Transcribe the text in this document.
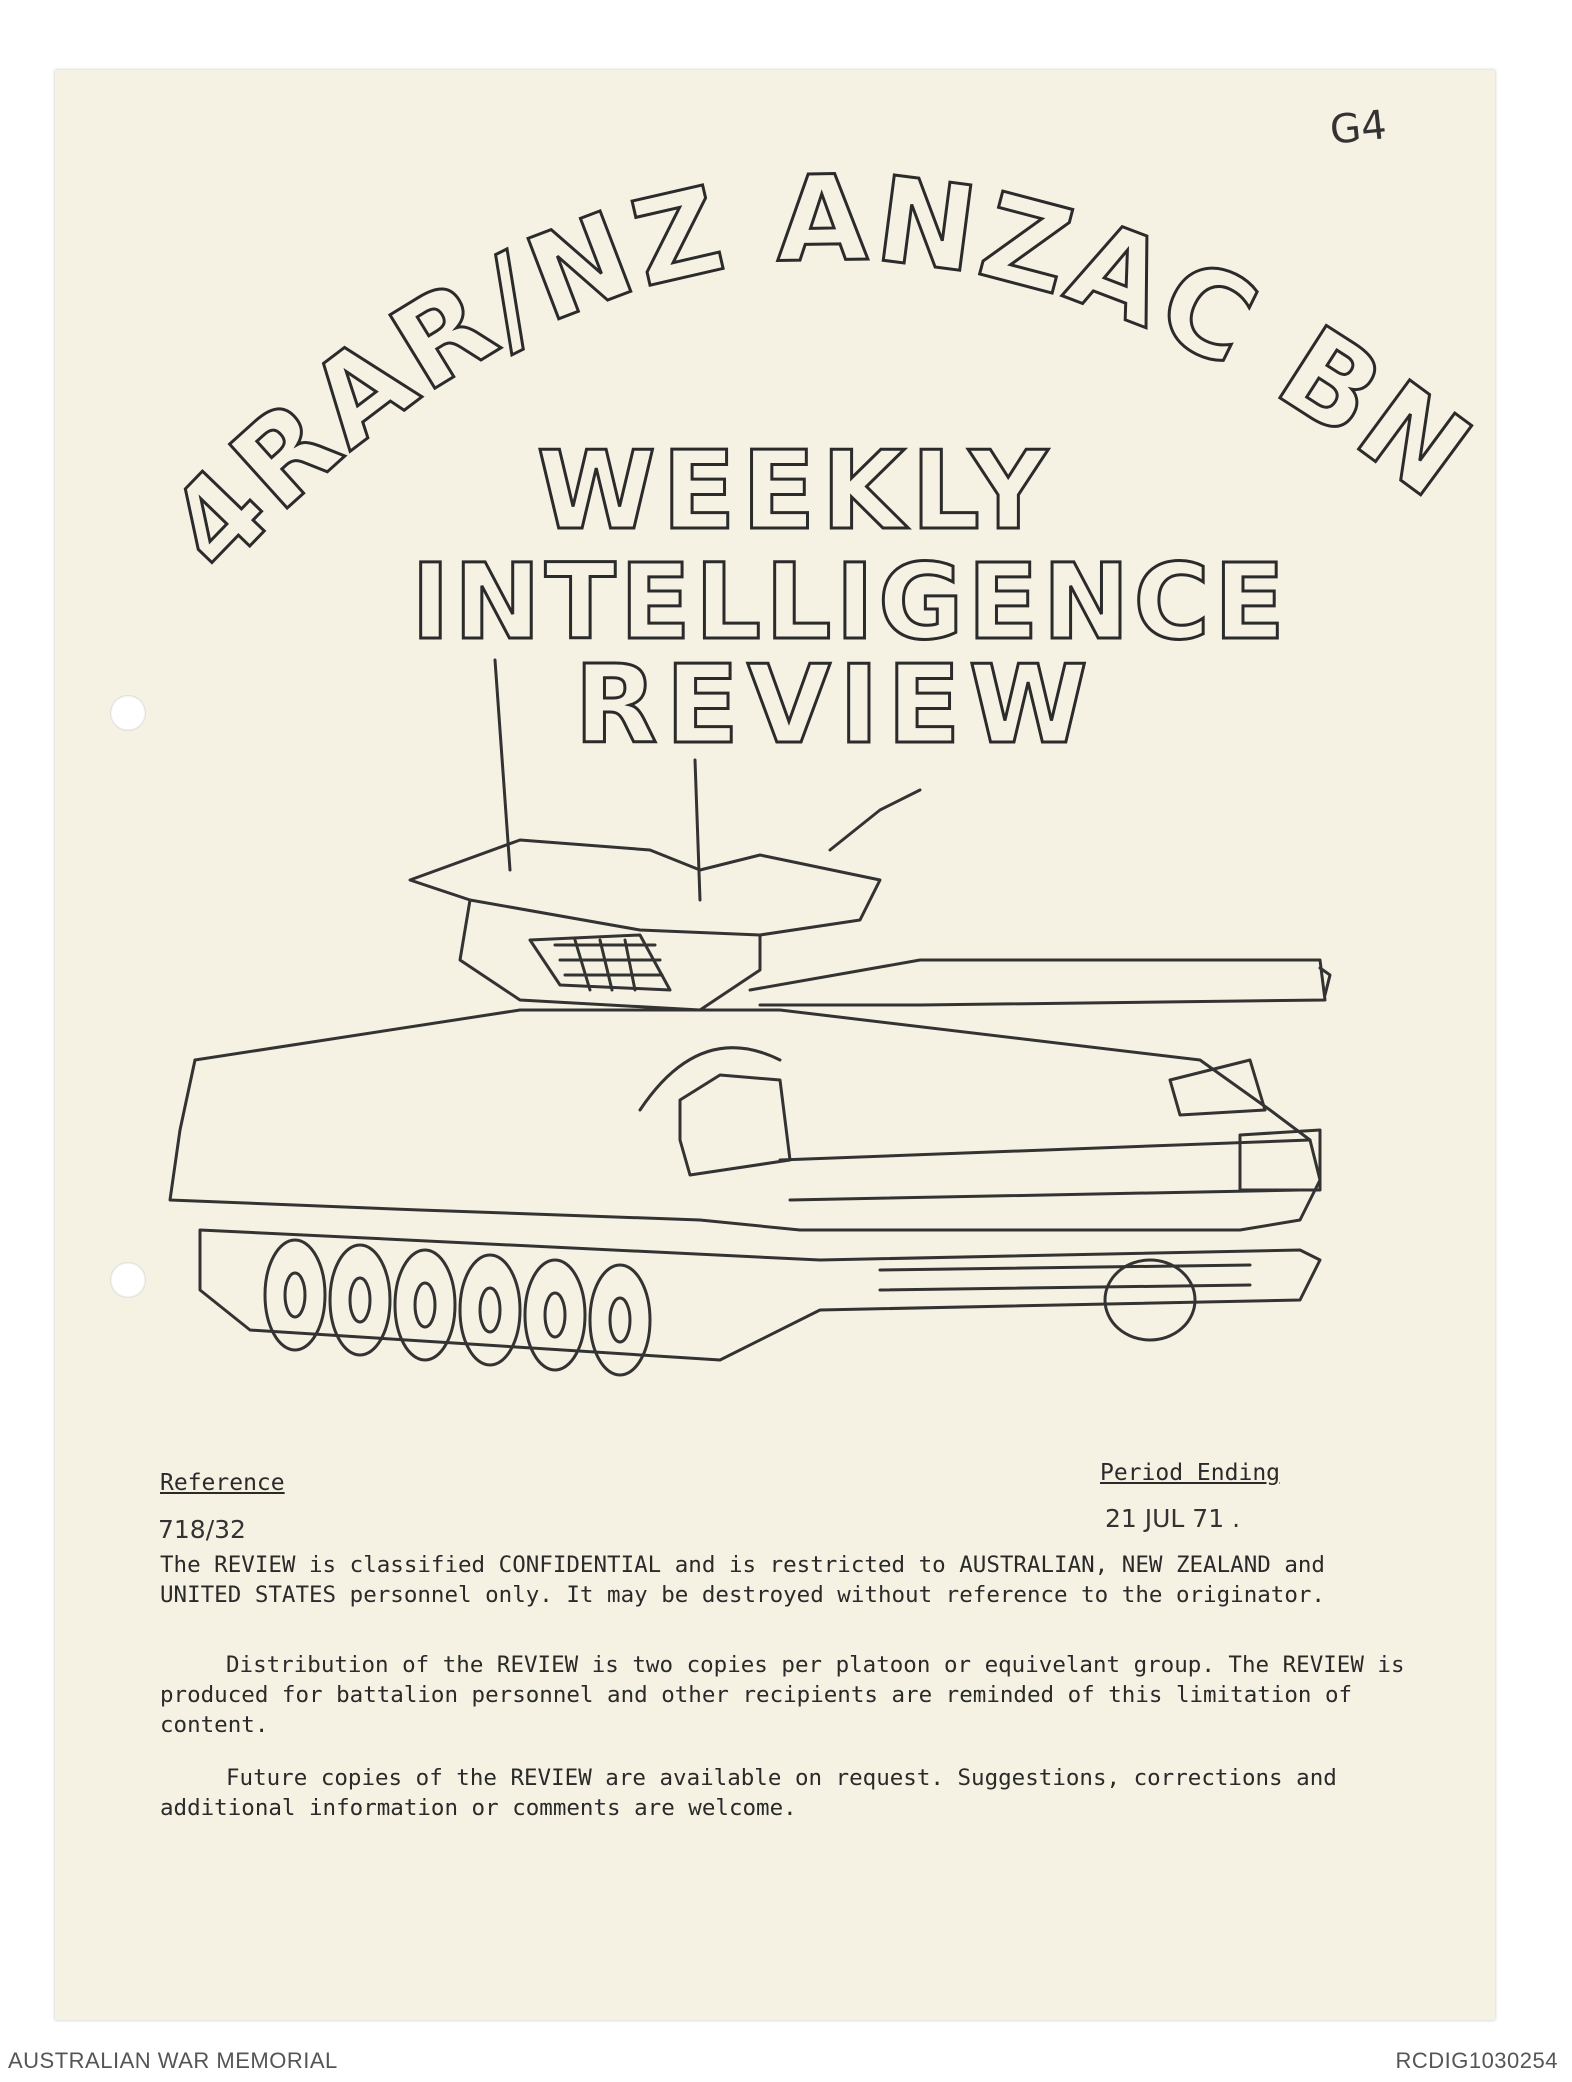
G4
4RAR/NZ ANZAC BN
WEEKLY
INTELLIGENCE
REVIEW
Reference
718/32
Period Ending
21 JUL 71 .
The REVIEW is classified CONFIDENTIAL and is restricted to AUSTRALIAN, NEW ZEALAND and UNITED STATES personnel only. It may be destroyed without reference to the originator.
Distribution of the REVIEW is two copies per platoon or equivelant group. The REVIEW is produced for battalion personnel and other recipients are reminded of this limitation of content.
Future copies of the REVIEW are available on request. Suggestions, corrections and additional information or comments are welcome.
AUSTRALIAN WAR MEMORIAL	RCDIG1030254
